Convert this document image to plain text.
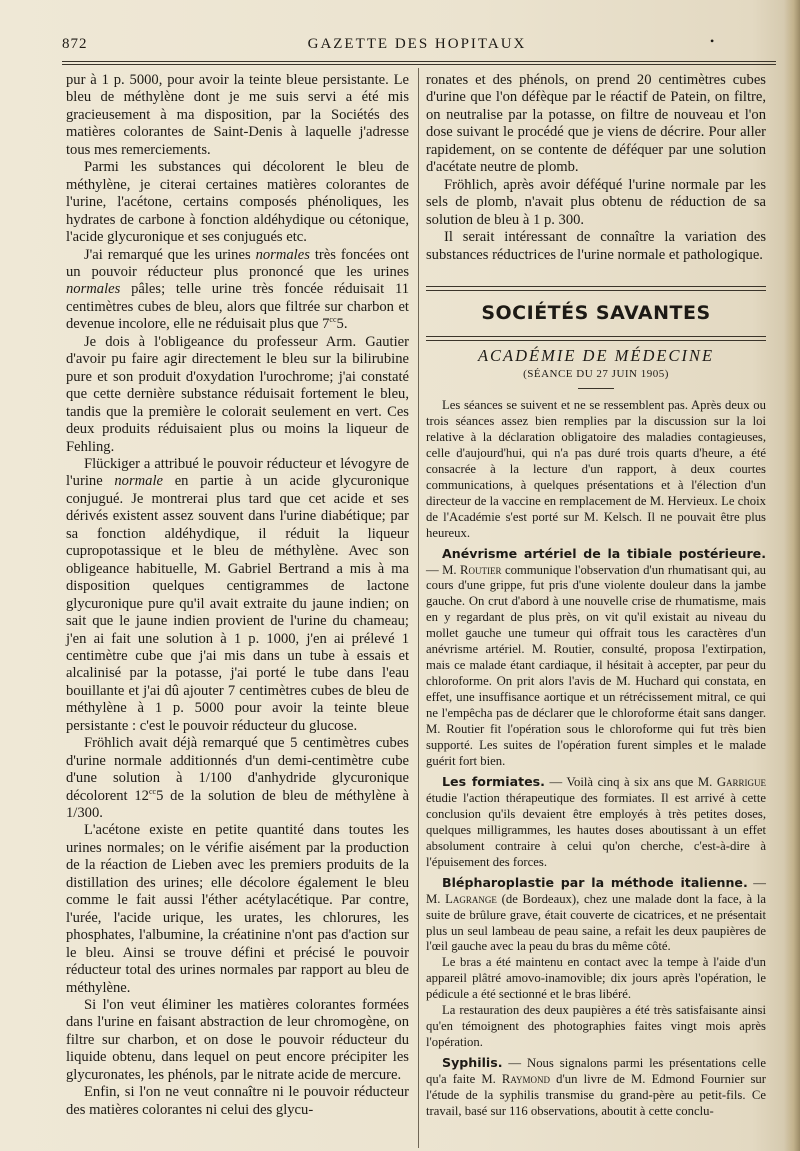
872	GAZETTE DES HOPITAUX	•

pur à 1 p. 5000, pour avoir la teinte bleue persistante. Le bleu de méthylène dont je me suis servi a été mis gracieusement à ma disposition, par la Sociétés des matières colorantes de Saint-Denis à laquelle j'adresse tous mes remerciements.

Parmi les substances qui décolorent le bleu de méthylène, je citerai certaines matières colorantes de l'urine, l'acétone, certains composés phénoliques, les hydrates de carbone à fonction aldéhydique ou cétonique, l'acide glycuronique et ses conjugués etc.

J'ai remarqué que les urines normales très foncées ont un pouvoir réducteur plus prononcé que les urines normales pâles; telle urine très foncée réduisait 11 centimètres cubes de bleu, alors que filtrée sur charbon et devenue incolore, elle ne réduisait plus que $7^{cc}5$.

Je dois à l'obligeance du professeur Arm. Gautier d'avoir pu faire agir directement le bleu sur la bilirubine pure et son produit d'oxydation l'urochrome; j'ai constaté que cette dernière substance réduisait fortement le bleu, tandis que la première le colorait seulement en vert. Ces deux produits réduisaient plus ou moins la liqueur de Fehling.

Flückiger a attribué le pouvoir réducteur et lévogyre de l'urine normale en partie à un acide glycuronique conjugué. Je montrerai plus tard que cet acide et ses dérivés existent assez souvent dans l'urine diabétique; par sa fonction aldéhydique, il réduit la liqueur cupropotassique et le bleu de méthylène. Avec son obligeance habituelle, M. Gabriel Bertrand a mis à ma disposition quelques centigrammes de lactone glycuronique pure qu'il avait extraite du jaune indien; on sait que le jaune indien provient de l'urine du chameau; j'en ai fait une solution à 1 p. 1000, j'en ai prélevé 1 centimètre cube que j'ai mis dans un tube à essais et alcalinisé par la potasse, j'ai porté le tube dans l'eau bouillante et j'ai dû ajouter 7 centimètres cubes de bleu de méthylène à 1 p. 5000 pour avoir la teinte bleue persistante : c'est le pouvoir réducteur du glucose.

Fröhlich avait déjà remarqué que 5 centimètres cubes d'urine normale additionnés d'un demi-centimètre cube d'une solution à 1/100 d'anhydride glycuronique décolorent $12^{cc}5$ de la solution de bleu de méthylène à 1/300.

L'acétone existe en petite quantité dans toutes les urines normales; on le vérifie aisément par la production de la réaction de Lieben avec les premiers produits de la distillation des urines; elle décolore également le bleu comme le fait aussi l'éther acétylacétique. Par contre, l'urée, l'acide urique, les urates, les chlorures, les phosphates, l'albumine, la créatinine n'ont pas d'action sur le bleu. Ainsi se trouve défini et précisé le pouvoir réducteur total des urines normales par rapport au bleu de méthylène.

Si l'on veut éliminer les matières colorantes formées dans l'urine en faisant abstraction de leur chromogène, on filtre sur charbon, et on dose le pouvoir réducteur du liquide obtenu, dans lequel on peut encore précipiter les glycuronates, les phénols, par le nitrate acide de mercure.

Enfin, si l'on ne veut connaître ni le pouvoir réducteur des matières colorantes ni celui des glycu-

ronates et des phénols, on prend 20 centimètres cubes d'urine que l'on défèque par le réactif de Patein, on filtre, on neutralise par la potasse, on filtre de nouveau et l'on dose suivant le procédé que je viens de décrire. Pour aller rapidement, on se contente de déféquer par une solution d'acétate neutre de plomb.

Fröhlich, après avoir déféqué l'urine normale par les sels de plomb, n'avait plus obtenu de réduction de sa solution de bleu à 1 p. 300.

Il serait intéressant de connaître la variation des substances réductrices de l'urine normale et pathologique.

SOCIÉTÉS SAVANTES
ACADÉMIE DE MÉDECINE
(SÉANCE DU 27 JUIN 1905)

Les séances se suivent et ne se ressemblent pas. Après deux ou trois séances assez bien remplies par la discussion sur la loi relative à la déclaration obligatoire des maladies contagieuses, celle d'aujourd'hui, qui n'a pas duré trois quarts d'heure, a été consacrée à la lecture d'un rapport, à deux courtes communications, à quelques présentations et à l'élection d'un directeur de la vaccine en remplacement de M. Hervieux. Le choix de l'Académie s'est porté sur M. Kelsch. Il ne pouvait être plus heureux.

Anévrisme artériel de la tibiale postérieure. — M. Routier communique l'observation d'un rhumatisant qui, au cours d'une grippe, fut pris d'une violente douleur dans la jambe gauche. On crut d'abord à une nouvelle crise de rhumatisme, mais en y regardant de plus près, on vit qu'il existait au niveau du mollet gauche une tumeur qui offrait tous les caractères d'un anévrisme artériel. M. Routier, consulté, proposa l'extirpation, mais ce malade étant cardiaque, il hésitait à accepter, par peur du chloroforme. On prit alors l'avis de M. Huchard qui constata, en effet, une insuffisance aortique et un rétrécissement mitral, ce qui ne l'empêcha pas de déclarer que le chloroforme était sans danger. M. Routier fit l'opération sous le chloroforme qui fut très bien supporté. Les suites de l'opération furent simples et le malade guérit fort bien.

Les formiates. — Voilà cinq à six ans que M. Garrigue étudie l'action thérapeutique des formiates. Il est arrivé à cette conclusion qu'ils devaient être employés à très petites doses, quelques milligrammes, les hautes doses aboutissant à un effet absolument contraire à celui qu'on cherche, c'est-à-dire à l'épuisement des forces.

Blépharoplastie par la méthode italienne. — M. Lagrange (de Bordeaux), chez une malade dont la face, à la suite de brûlure grave, était couverte de cicatrices, et ne présentait plus un seul lambeau de peau saine, a refait les deux paupières de l'œil gauche avec la peau du bras du même côté.

Le bras a été maintenu en contact avec la tempe à l'aide d'un appareil plâtré amovo-inamovible; dix jours après l'opération, le pédicule a été sectionné et le bras libéré.

La restauration des deux paupières a été très satisfaisante ainsi qu'en témoignent des photographies faites vingt mois après l'opération.

Syphilis. — Nous signalons parmi les présentations celle qu'a faite M. Raymond d'un livre de M. Edmond Fournier sur l'étude de la syphilis transmise du grand-père au petit-fils. Ce travail, basé sur 116 observations, aboutit à cette conclu-
